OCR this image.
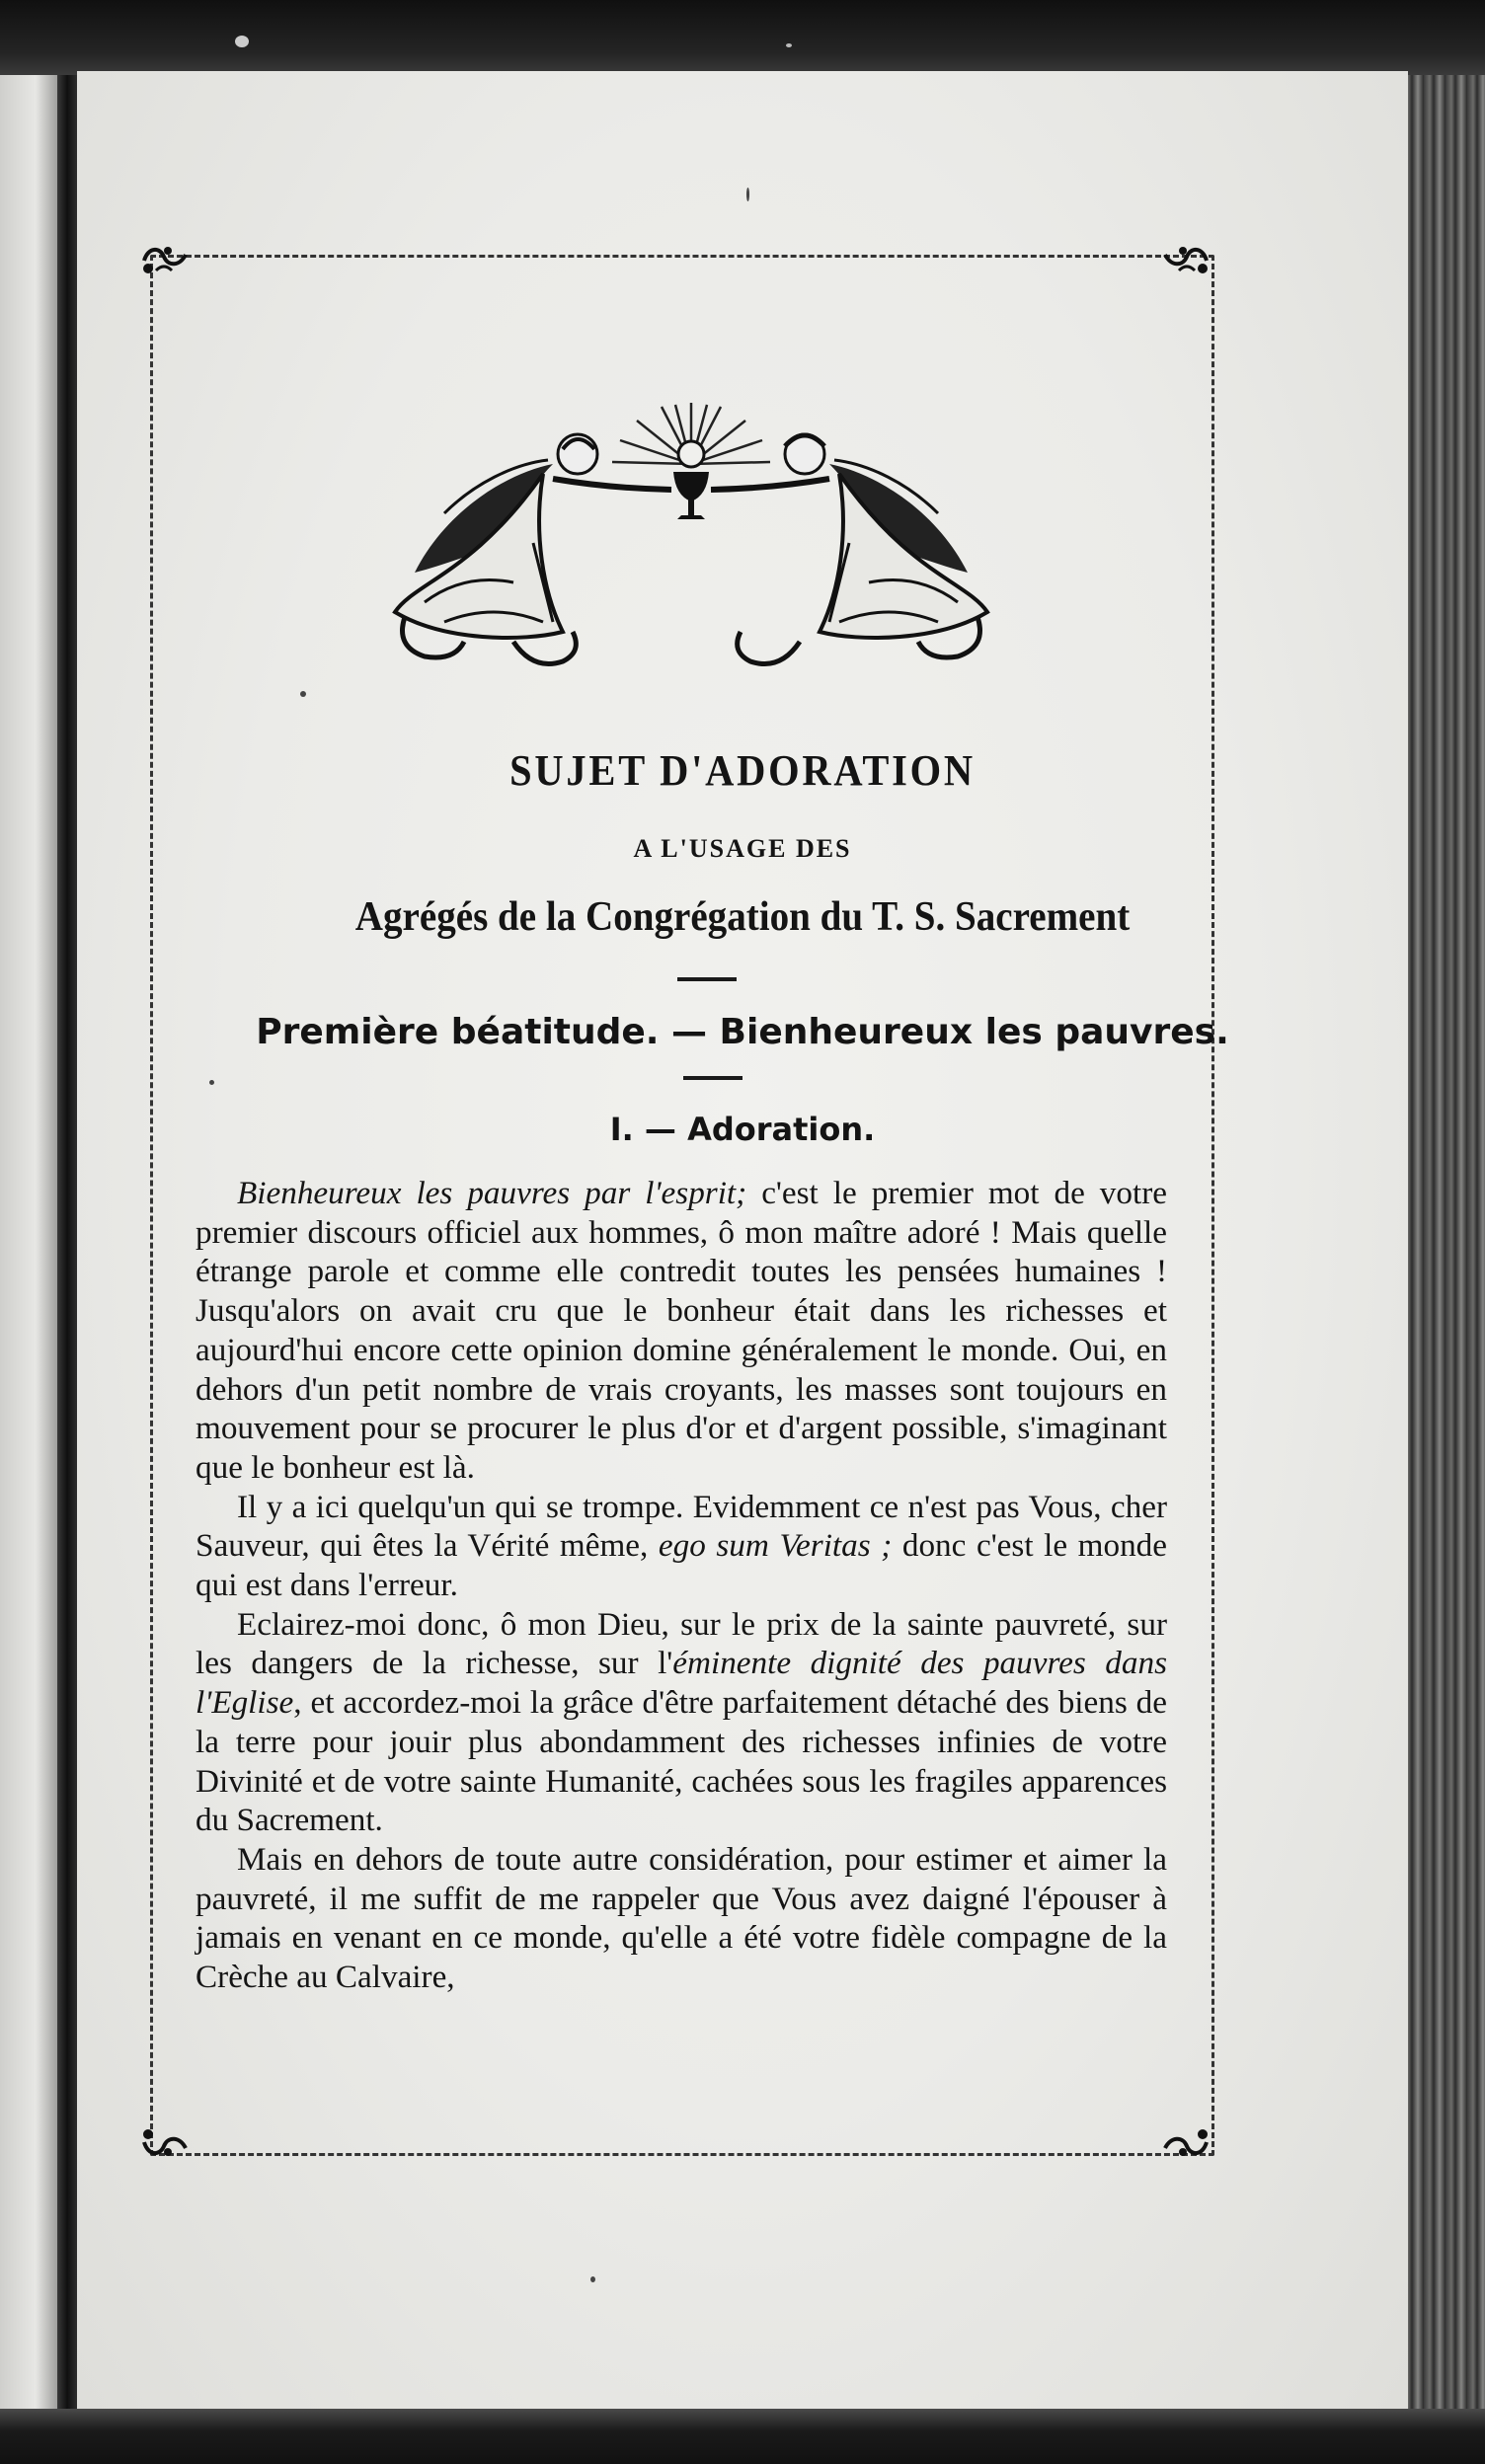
SUJET D'ADORATION
A L'USAGE DES
Agrégés de la Congrégation du T. S. Sacrement
Première béatitude. — Bienheureux les pauvres.
I. — Adoration.

Bienheureux les pauvres par l'esprit; c'est le premier mot de votre premier discours officiel aux hommes, ô mon maître adoré ! Mais quelle étrange parole et comme elle contredit toutes les pensées humaines ! Jusqu'alors on avait cru que le bonheur était dans les richesses et aujourd'hui encore cette opinion domine généralement le monde. Oui, en dehors d'un petit nombre de vrais croyants, les masses sont toujours en mouvement pour se procurer le plus d'or et d'argent possible, s'imaginant que le bonheur est là.

Il y a ici quelqu'un qui se trompe. Evidemment ce n'est pas Vous, cher Sauveur, qui êtes la Vérité même, ego sum Veritas ; donc c'est le monde qui est dans l'erreur.

Eclairez-moi donc, ô mon Dieu, sur le prix de la sainte pauvreté, sur les dangers de la richesse, sur l'éminente dignité des pauvres dans l'Eglise, et accordez-moi la grâce d'être parfaitement détaché des biens de la terre pour jouir plus abondamment des richesses infinies de votre Divinité et de votre sainte Humanité, cachées sous les fragiles apparences du Sacrement.

Mais en dehors de toute autre considération, pour estimer et aimer la pauvreté, il me suffit de me rappeler que Vous avez daigné l'épouser à jamais en venant en ce monde, qu'elle a été votre fidèle compagne de la Crèche au Calvaire,
